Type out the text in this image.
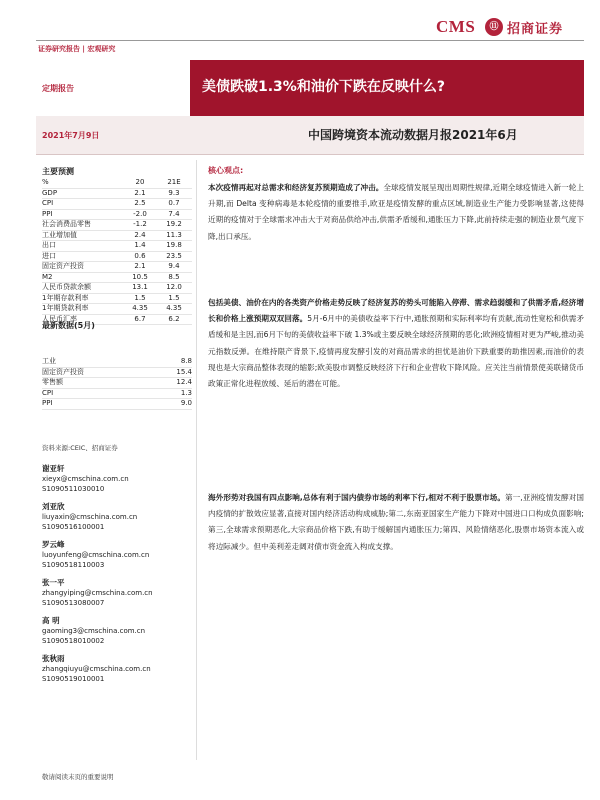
证券研究报告 | 宏观研究
CMS	⑪ 招商证券
定期报告	美债跌破1.3%和油价下跌在反映什么?
2021年7月9日	中国跨境资本流动数据月报2021年6月
主要预测
%	20	21E
GDP	2.1	9.3
CPI	2.5	0.7
PPI	-2.0	7.4
社会消费品零售	-1.2	19.2
工业增加值	2.4	11.3
出口	1.4	19.8
进口	0.6	23.5
固定资产投资	2.1	9.4
M2	10.5	8.5
人民币贷款余额	13.1	12.0
1年期存款利率	1.5	1.5
1年期贷款利率	4.35	4.35
人民币汇率	6.7	6.2
最新数据(5月)
工业	8.8
固定资产投资	15.4
零售额	12.4
CPI	1.3
PPI	9.0
资料来源:CEIC、招商证券
谢亚轩
xieyx@cmschina.com.cn
S1090511030010
刘亚欣
liuyaxin@cmschina.com.cn
S1090516100001
罗云峰
luoyunfeng@cmschina.com.cn
S1090518110003
张一平
zhangyiping@cmschina.com.cn
S1090513080007
高 明
gaoming3@cmschina.com.cn
S1090518010002
张秋雨
zhangqiuyu@cmschina.com.cn
S1090519010001
核心观点:
本次疫情再起对总需求和经济复苏预期造成了冲击。全球疫情发展呈现出周期性规律,近期全球疫情进入新一轮上升期,而 Delta 变种病毒是本轮疫情的重要推手,欧亚是疫情发酵的重点区域,制造业生产能力受影响显著,这使得近期的疫情对于全球需求冲击大于对商品供给冲击,供需矛盾缓和,通胀压力下降,此前持续走强的制造业景气度下降,出口承压。
包括美债、油价在内的各类资产价格走势反映了经济复苏的势头可能陷入停滞、需求趋弱缓和了供需矛盾,经济增长和价格上涨预期双双回落。5月-6月中的美债收益率下行中,通胀预期和实际利率均有贡献,流动性宽松和供需矛盾缓和是主因,而6月下旬的美债收益率下破 1.3%或主要反映全球经济预期的恶化;欧洲疫情相对更为严峻,推动美元指数反弹。在维持限产背景下,疫情再度发酵引发的对商品需求的担忧是油价下跌重要的助推因素,而油价的表现也是大宗商品整体表现的缩影;欧美股市调整反映经济下行和企业营收下降风险。应关注当前情景使美联储货币政策正常化进程放缓、延后的潜在可能。
海外形势对我国有四点影响,总体有利于国内债券市场的利率下行,相对不利于股票市场。第一,亚洲疫情发酵对国内疫情的扩散效应显著,直接对国内经济活动构成威胁;第二,东南亚国家生产能力下降对中国进口口构成负面影响;第三,全球需求预期恶化,大宗商品价格下跌,有助于缓解国内通胀压力;第四、风险情绪恶化,股票市场资本流入或将边际减少。但中美利差走阔对债市资金流入构成支撑。
敬请阅读末页的重要说明
